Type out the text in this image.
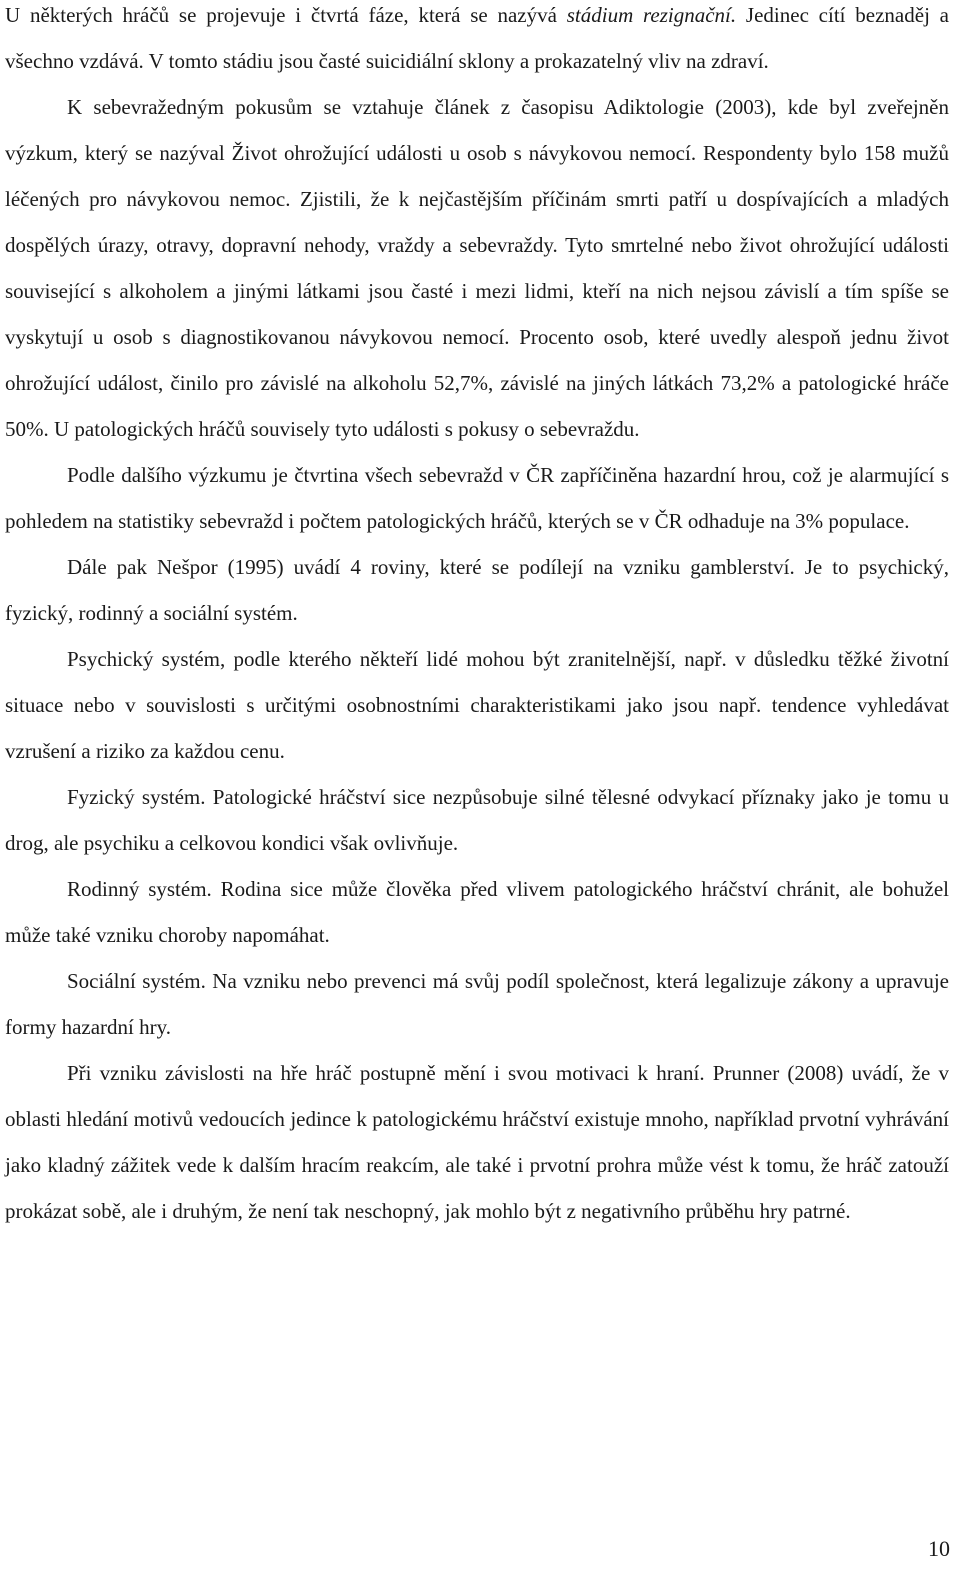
U některých hráčů se projevuje i čtvrtá fáze, která se nazývá stádium rezignační. Jedinec cítí beznaděj a všechno vzdává. V tomto stádiu jsou časté suicidiální sklony a prokazatelný vliv na zdraví.

K sebevražedným pokusům se vztahuje článek z časopisu Adiktologie (2003), kde byl zveřejněn výzkum, který se nazýval Život ohrožující události u osob s návykovou nemocí. Respondenty bylo 158 mužů léčených pro návykovou nemoc. Zjistili, že k nejčastějším příčinám smrti patří u dospívajících a mladých dospělých úrazy, otravy, dopravní nehody, vraždy a sebevraždy. Tyto smrtelné nebo život ohrožující události související s alkoholem a jinými látkami jsou časté i mezi lidmi, kteří na nich nejsou závislí a tím spíše se vyskytují u osob s diagnostikovanou návykovou nemocí. Procento osob, které uvedly alespoň jednu život ohrožující událost, činilo pro závislé na alkoholu 52,7%, závislé na jiných látkách 73,2% a patologické hráče 50%. U patologických hráčů souvisely tyto události s pokusy o sebevraždu.

Podle dalšího výzkumu je čtvrtina všech sebevražd v ČR zapříčiněna hazardní hrou, což je alarmující s pohledem na statistiky sebevražd i počtem patologických hráčů, kterých se v ČR odhaduje na 3% populace.

Dále pak Nešpor (1995) uvádí 4 roviny, které se podílejí na vzniku gamblerství. Je to psychický, fyzický, rodinný a sociální systém.

Psychický systém, podle kterého někteří lidé mohou být zranitelnější, např. v důsledku těžké životní situace nebo v souvislosti s určitými osobnostními charakteristikami jako jsou např. tendence vyhledávat vzrušení a riziko za každou cenu.

Fyzický systém. Patologické hráčství sice nezpůsobuje silné tělesné odvykací příznaky jako je tomu u drog, ale psychiku a celkovou kondici však ovlivňuje.

Rodinný systém. Rodina sice může člověka před vlivem patologického hráčství chránit, ale bohužel může také vzniku choroby napomáhat.

Sociální systém. Na vzniku nebo prevenci má svůj podíl společnost, která legalizuje zákony a upravuje formy hazardní hry.

Při vzniku závislosti na hře hráč postupně mění i svou motivaci k hraní. Prunner (2008) uvádí, že v oblasti hledání motivů vedoucích jedince k patologickému hráčství existuje mnoho, například prvotní vyhrávání jako kladný zážitek vede k dalším hracím reakcím, ale také i prvotní prohra může vést k tomu, že hráč zatouží prokázat sobě, ale i druhým, že není tak neschopný, jak mohlo být z negativního průběhu hry patrné.

10
